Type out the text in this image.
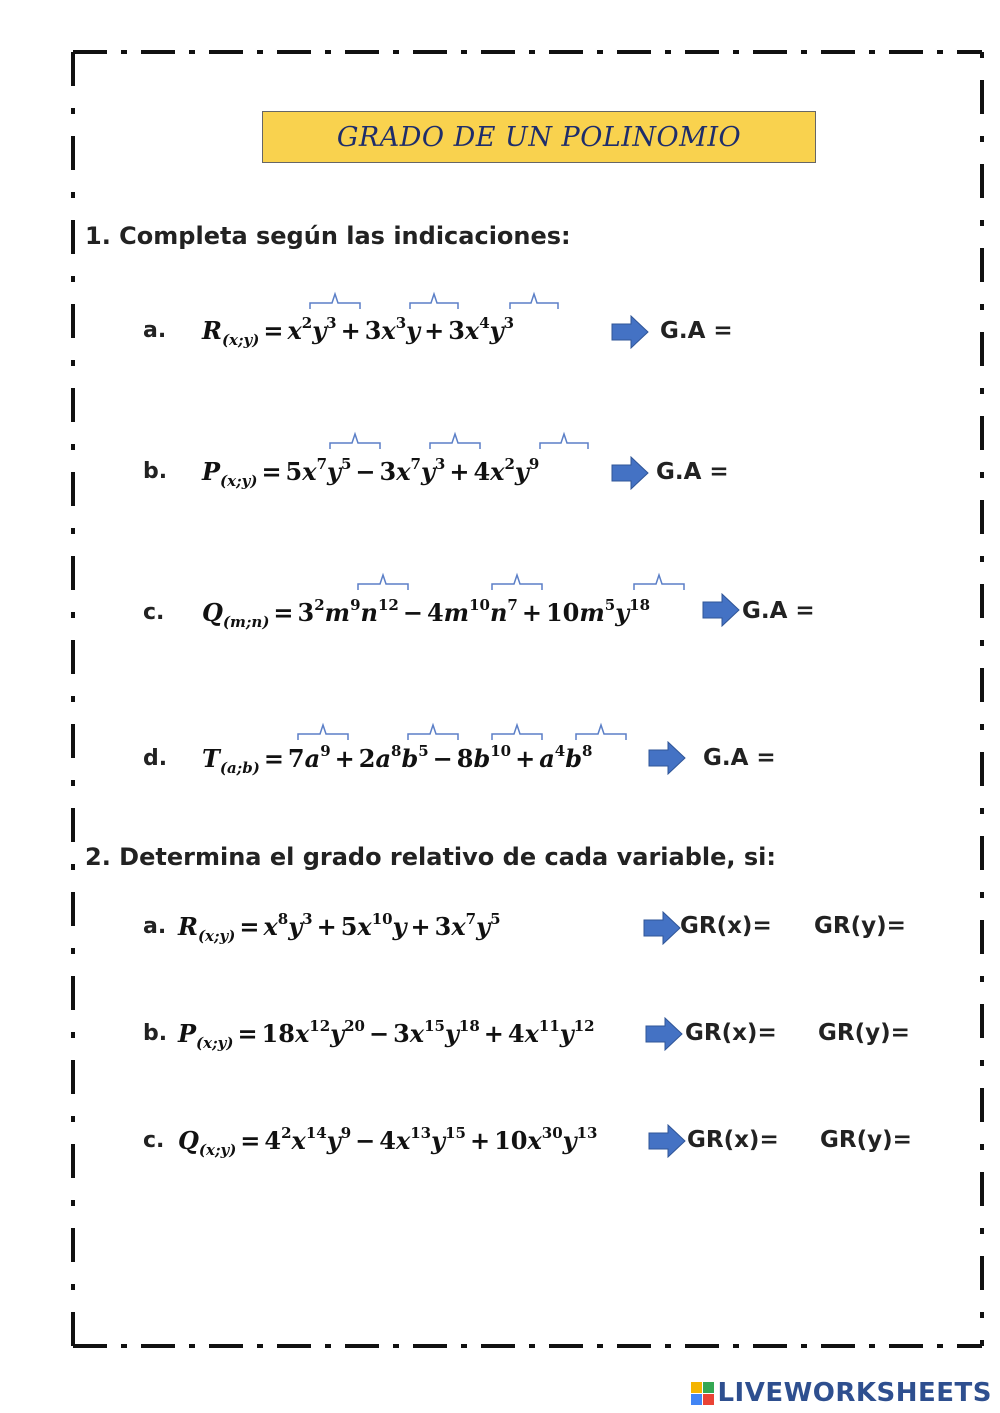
GRADO DE UN POLINOMIO
1. Completa según las indicaciones:
a. $R_{(x;y)} = x^2y^3 + 3x^3y + 3x^4y^3$	G.A =
b. $P_{(x;y)} = 5x^7y^5 - 3x^7y^3 + 4x^2y^9$	G.A =
c. $Q_{(m;n)} = 3^2m^9n^{12} - 4m^{10}n^7 + 10m^5y^{18}$	G.A =
d. $T_{(a;b)} = 7a^9 + 2a^8b^5 - 8b^{10} + a^4b^8$	G.A =
2. Determina el grado relativo de cada variable, si:
a. $R_{(x;y)} = x^8y^3 + 5x^{10}y + 3x^7y^5$	GR(x)= GR(y)=
b. $P_{(x;y)} = 18x^{12}y^{20} - 3x^{15}y^{18} + 4x^{11}y^{12}$	GR(x)= GR(y)=
c. $Q_{(x;y)} = 4^2x^{14}y^9 - 4x^{13}y^{15} + 10x^{30}y^{13}$	GR(x)= GR(y)=
LIVEWORKSHEETS
